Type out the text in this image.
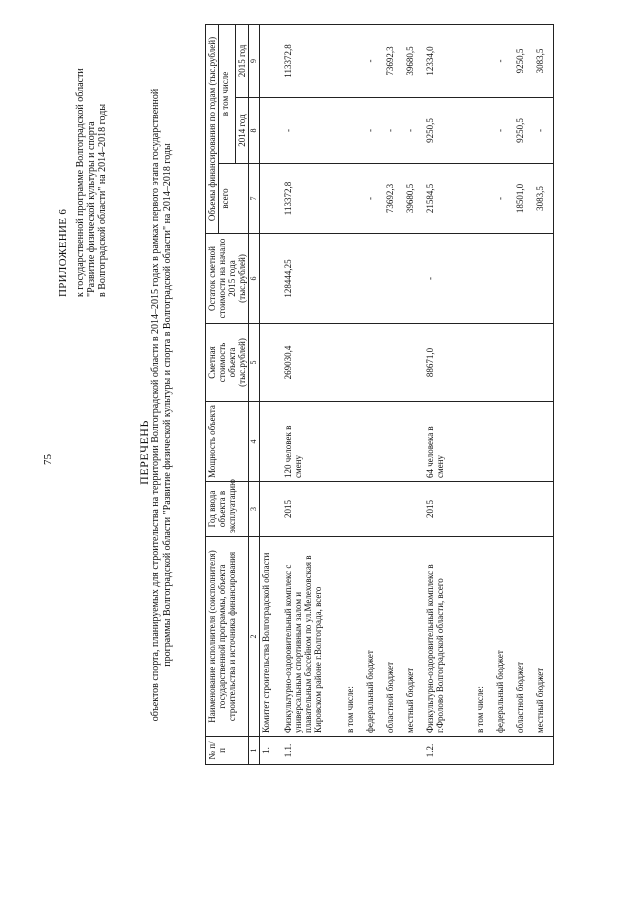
75
ПРИЛОЖЕНИЕ 6 к государственной программе Волгоградской области "Развитие физической культуры и спорта в Волгоградской области" на 2014–2018 годы
ПЕРЕЧЕНЬ объектов спорта, планируемых для строительства на территории Волгоградской области в 2014–2015 годах в рамках первого этапа государственной программы Волгоградской области "Развитие физической культуры и спорта в Волгоградской области" на 2014–2018 годы
№ п/п	Наименование исполнителя (соисполнителя) государственной программы, объекта строительства и источника финансирования	Год ввода объекта в эксплуатацию	Мощность объекта	Сметная стоимость объекта (тыс.рублей)	Остаток сметной стоимости на начало 2015 года (тыс.рублей)	Объемы финансирования по годам (тыс.рублей)		
						всего	в том числе	
							2014 год	2015 год
1	2	3	4	5	6	7	8	9
1.	Комитет строительства Волгоградской области							
1.1.	Физкультурно-оздоровительный комплекс с универсальным спортивным залом и плавательным бассейном по ул.Мелеховская в Кировском районе г.Волгограда, всего	2015	120 человек в смену	269030,4	128444,25	113372,8	-	113372,8
	в том числе:							
	федеральный бюджет					-	-	-
	областной бюджет					73692,3	-	73692,3
	местный бюджет					39680,5	-	39680,5
1.2.	Физкультурно-оздоровительный комплекс в г.Фролово Волгоградской области, всего	2015	64 человека в смену	88671,0	-	21584,5	9250,5	12334,0
	в том числе:							
	федеральный бюджет					-	-	-
	областной бюджет					18501,0	9250,5	9250,5
	местный бюджет					3083,5	-	3083,5
